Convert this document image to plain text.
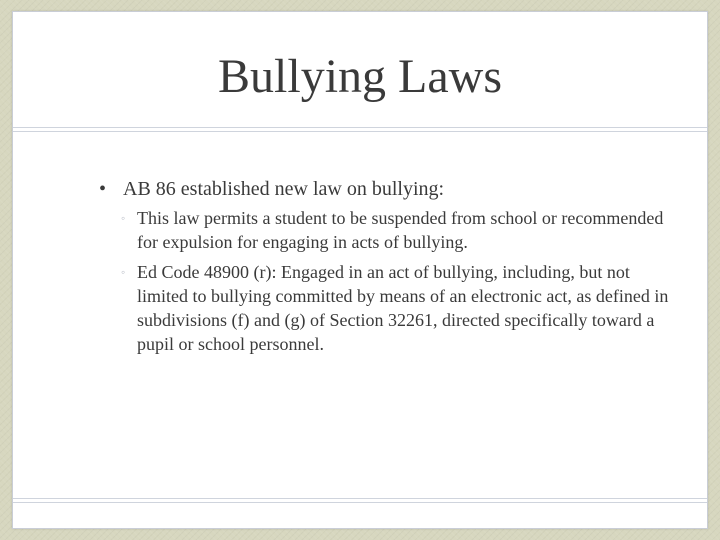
Bullying Laws
• AB 86 established new law on bullying:
◦ This law permits a student to be suspended from school or recommended for expulsion for engaging in acts of bullying.
◦ Ed Code 48900 (r): Engaged in an act of bullying, including, but not limited to bullying committed by means of an electronic act, as defined in subdivisions (f) and (g) of Section 32261, directed specifically toward a pupil or school personnel.
